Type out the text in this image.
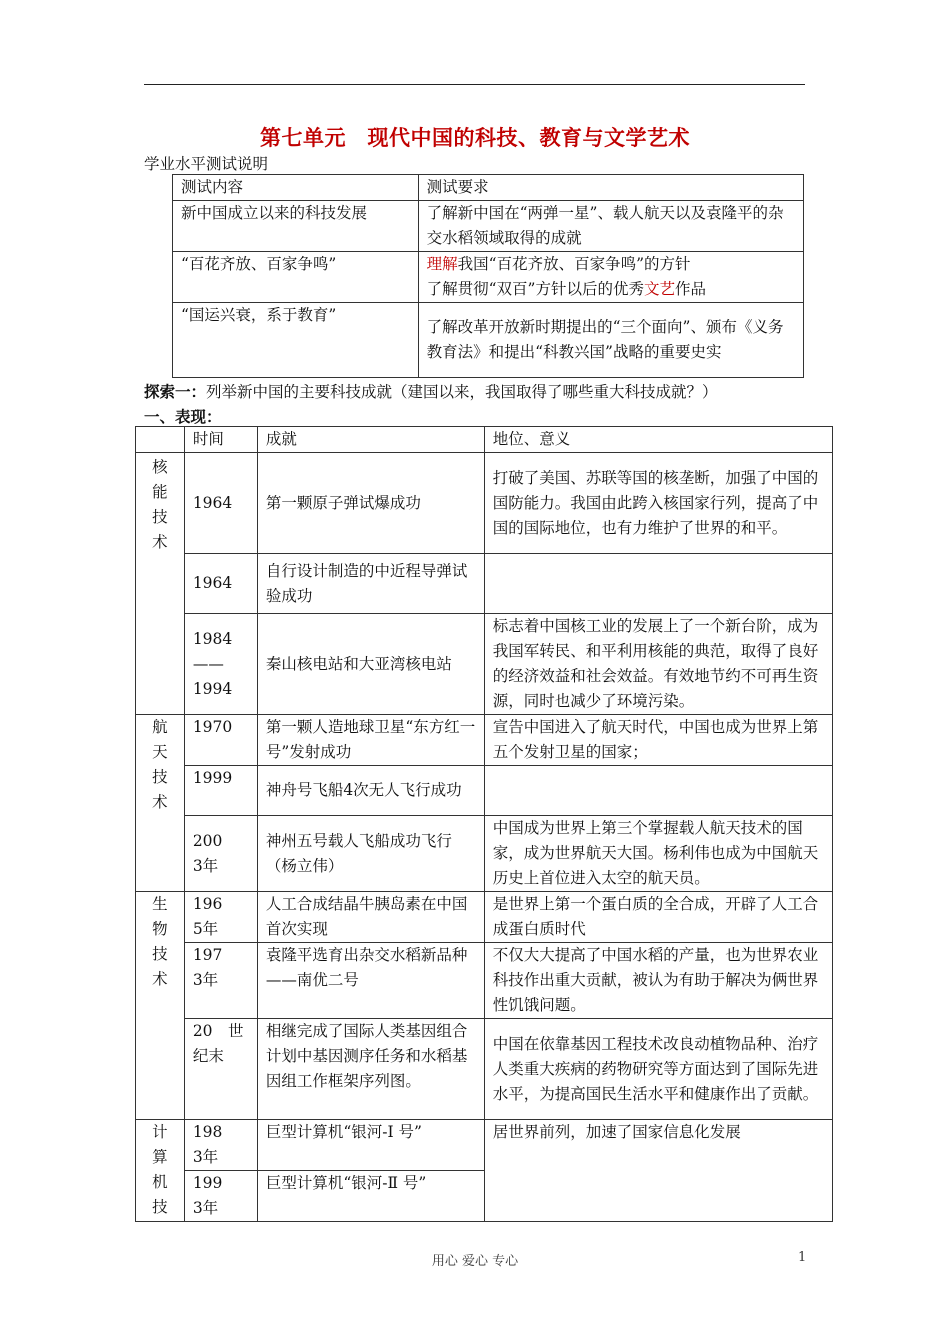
第七单元　现代中国的科技、教育与文学艺术
学业水平测试说明
测试内容	测试要求
新中国成立以来的科技发展	了解新中国在“两弹一星”、载人航天以及袁隆平的杂交水稻领域取得的成就
“百花齐放、百家争鸣”	理解我国“百花齐放、百家争鸣”的方针
了解贯彻“双百”方针以后的优秀文艺作品
“国运兴衰，系于教育”	了解改革开放新时期提出的“三个面向”、颁布《义务教育法》和提出“科教兴国”战略的重要史实
探索一：列举新中国的主要科技成就（建国以来，我国取得了哪些重大科技成就？）
一、表现：
	时间	成就	地位、意义

核能技术	1964	第一颗原子弹试爆成功	打破了美国、苏联等国的核垄断，加强了中国的国防能力。我国由此跨入核国家行列，提高了中国的国际地位，也有力维护了世界的和平。
	1964	自行设计制造的中近程导弹试验成功	
	1984
——
1994	秦山核电站和大亚湾核电站	标志着中国核工业的发展上了一个新台阶，成为我国军转民、和平利用核能的典范，取得了良好的经济效益和社会效益。有效地节约不可再生资源，同时也减少了环境污染。

航天技术	1970	第一颗人造地球卫星“东方红一号”发射成功	宣告中国进入了航天时代，中国也成为世界上第五个发射卫星的国家；
	1999	神舟号飞船4次无人飞行成功	

	2003年	神州五号载人飞船成功飞行（杨立伟）	中国成为世界上第三个掌握载人航天技术的国家，成为世界航天大国。杨利伟也成为中国航天历史上首位进入太空的航天员。

生物技术	1965年	人工合成结晶牛胰岛素在中国首次实现	是世界上第一个蛋白质的全合成，开辟了人工合成蛋白质时代

	1973年	袁隆平选育出杂交水稻新品种——南优二号	不仅大大提高了中国水稻的产量，也为世界农业科技作出重大贡献，被认为有助于解决为俩世界性饥饿问题。

	20　世纪末	相继完成了国际人类基因组合计划中基因测序任务和水稻基因组工作框架序列图。	中国在依靠基因工程技术改良动植物品种、治疗人类重大疾病的药物研究等方面达到了国际先进水平，为提高国民生活水平和健康作出了贡献。

计算机技	1983年	巨型计算机“银河-Ⅰ 号”	居世界前列，加速了国家信息化发展

	1993年	巨型计算机“银河-Ⅱ 号”	
用心 爱心 专心	1
